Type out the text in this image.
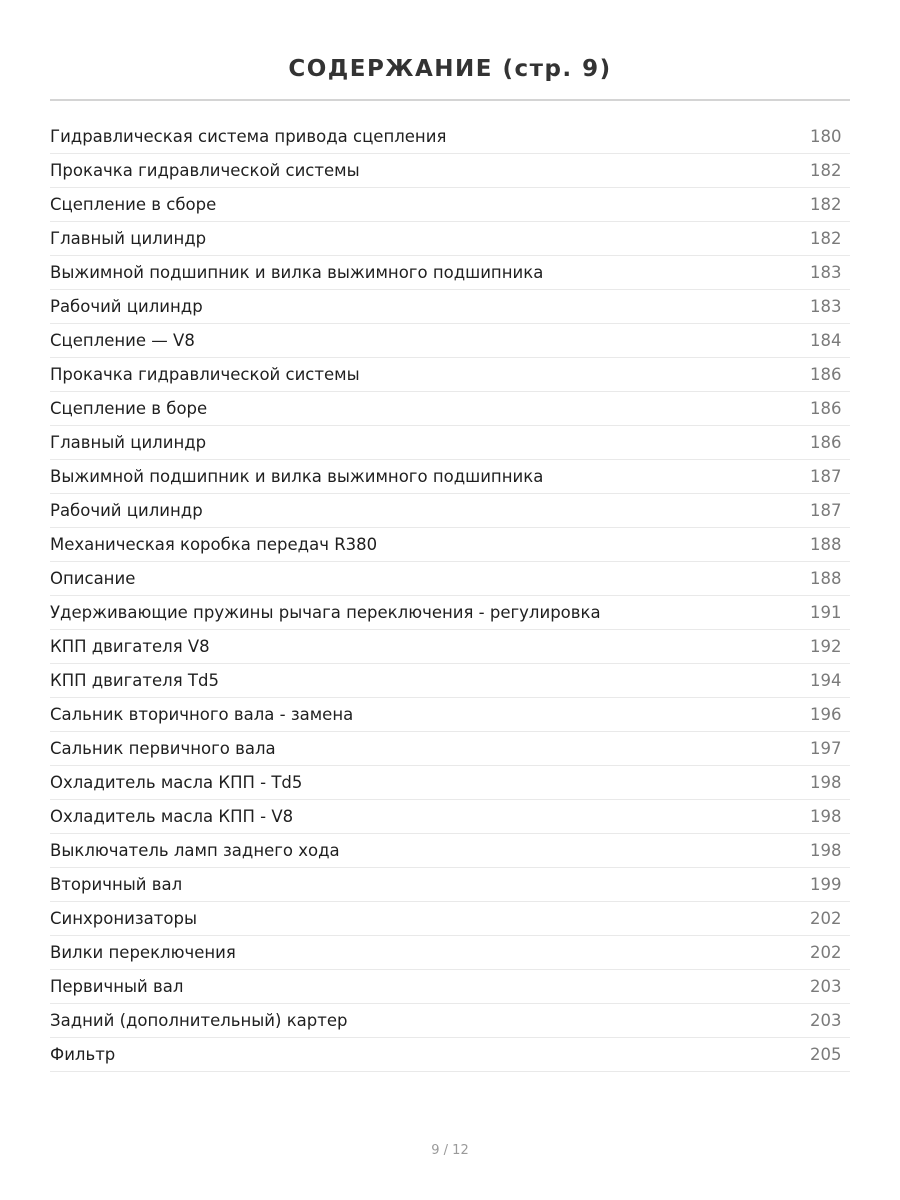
СОДЕРЖАНИЕ (стр. 9)
Гидравлическая система привода сцепления	180
Прокачка гидравлической системы	182
Сцепление в сборе	182
Главный цилиндр	182
Выжимной подшипник и вилка выжимного подшипника	183
Рабочий цилиндр	183
Сцепление — V8	184
Прокачка гидравлической системы	186
Сцепление в боре	186
Главный цилиндр	186
Выжимной подшипник и вилка выжимного подшипника	187
Рабочий цилиндр	187
Механическая коробка передач R380	188
Описание	188
Удерживающие пружины рычага переключения - регулировка	191
КПП двигателя V8	192
КПП двигателя Td5	194
Сальник вторичного вала - замена	196
Сальник первичного вала	197
Охладитель масла КПП - Td5	198
Охладитель масла КПП - V8	198
Выключатель ламп заднего хода	198
Вторичный вал	199
Синхронизаторы	202
Вилки переключения	202
Первичный вал	203
Задний (дополнительный) картер	203
Фильтр	205
9 / 12
